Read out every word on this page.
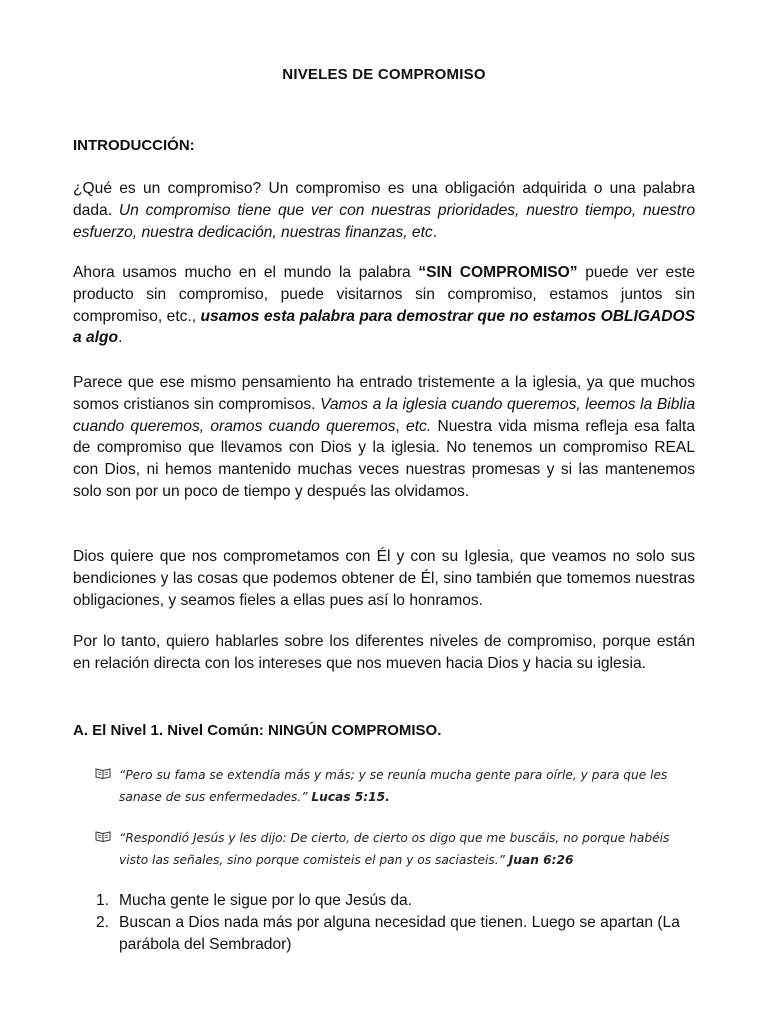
NIVELES DE COMPROMISO
INTRODUCCIÓN:
¿Qué es un compromiso? Un compromiso es una obligación adquirida o una palabra dada. Un compromiso tiene que ver con nuestras prioridades, nuestro tiempo, nuestro esfuerzo, nuestra dedicación, nuestras finanzas, etc.
Ahora usamos mucho en el mundo la palabra “SIN COMPROMISO” puede ver este producto sin compromiso, puede visitarnos sin compromiso, estamos juntos sin compromiso, etc., usamos esta palabra para demostrar que no estamos OBLIGADOS a algo.
Parece que ese mismo pensamiento ha entrado tristemente a la iglesia, ya que muchos somos cristianos sin compromisos. Vamos a la iglesia cuando queremos, leemos la Biblia cuando queremos, oramos cuando queremos, etc. Nuestra vida misma refleja esa falta de compromiso que llevamos con Dios y la iglesia. No tenemos un compromiso REAL con Dios, ni hemos mantenido muchas veces nuestras promesas y si las mantenemos solo son por un poco de tiempo y después las olvidamos.
Dios quiere que nos comprometamos con Él y con su Iglesia, que veamos no solo sus bendiciones y las cosas que podemos obtener de Él, sino también que tomemos nuestras obligaciones, y seamos fieles a ellas pues así lo honramos.
Por lo tanto, quiero hablarles sobre los diferentes niveles de compromiso, porque están en relación directa con los intereses que nos mueven hacia Dios y hacia su iglesia.
A. El Nivel 1. Nivel Común: NINGÚN COMPROMISO.
“Pero su fama se extendía más y más; y se reunía mucha gente para oírle, y para que les sanase de sus enfermedades.” Lucas 5:15.
“Respondió Jesús y les dijo: De cierto, de cierto os digo que me buscáis, no porque habéis visto las señales, sino porque comisteis el pan y os saciasteis.” Juan 6:26
1. Mucha gente le sigue por lo que Jesús da.
2. Buscan a Dios nada más por alguna necesidad que tienen. Luego se apartan (La parábola del Sembrador)
